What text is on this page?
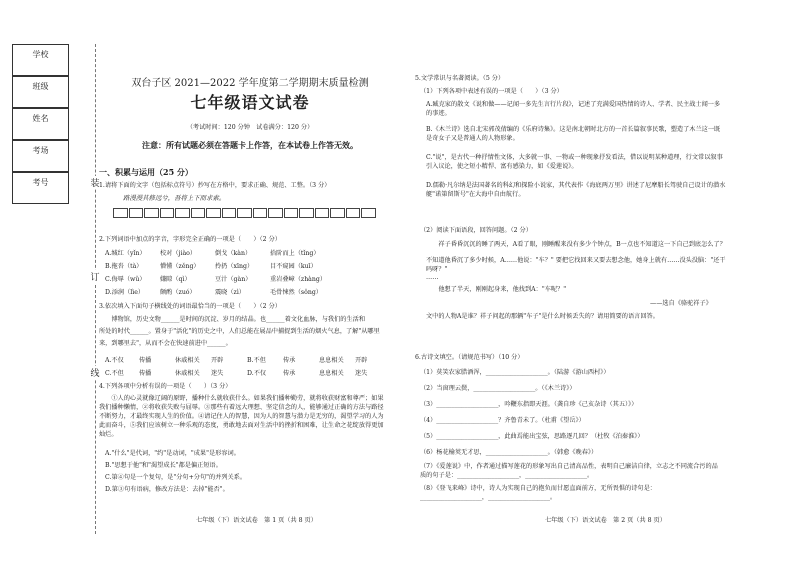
学校
班级
姓名
考场
考号	装
订
线
双台子区 2021—2022 学年度第二学期期末质量检测
七年级语文试卷
（考试时间：120 分钟　试卷满分：120 分）
注意：所有试题必须在答题卡上作答，在本试卷上作答无效。
一、积累与运用（25 分）
1.请将下面的文字（包括标点符号）抄写在方格中，要求正确、规范、工整。（3 分）
路漫漫其修远兮，吾将上下而求索。
2.下列词语中加点的字音，字形完全正确的一项是（　　）（2 分）
A.缄红（yǐn）	校对（jiào）	倒戈（kàn）	拾阶而上（tǐng）
B.拖沓（tà）	懵懂（zěng）	拎扔（xīng）	目不窥园（kuī）
C.侮辱（wǔ）	嫌隙（qì）	豆汁（gàn）	重岩叠嶂（zhàng）
D.添润（lìe）	颇酌（zuó）	震晓（zì）	毛骨悚然（sǒng）
3.依次填入下面句子横线处的词语最恰当的一项是（　　）（2 分）
　　博物馆，历史文物______是时间的沉淀、岁月的结晶。也______着文化血脉，与我们的生活和
所处的时代______。置身于"活化"的历史之中，人们总能在展品中捕捉到生活的烟火气息，了解"从哪里
来，到哪里去"，从而不会在快速前进中______。
A.不仅	传播	休戚相关	开辟	B.不但	传承	息息相关	开辟
C.不但	传播	休戚相关	迷失	D.不仅	传承	息息相关	迷失
4.下列各项中分析有误的一项是（　　）（3 分）
　　①人的心灵就像辽阔的原野，播种什么就收获什么。如果我们播种勤劳，就将收获财富和尊严；如果我们播种懒惰，②将收获失败与屈辱。③那些有着远大理想、坚定信念的人，能够通过正确的方法与路径不断努力，才最终实现人生的价值。④请记住人的智慧，因为人的智慧与潜力是无穷的，渴望学习的人为此而奋斗，⑤我们应该树立一种乐观的态度，勇敢地去面对生活中的挫折和困难，让生命之花绽放得更加灿烂。
A."什么"是代词，"约"是动词，"成果"是形容词。
B."思想于他"和"渴望成长"都是偏正短语。
C.第④句是一个复句，是"分句+分句"的并列关系。
D.第③句有语病，修改方法是：去掉"能否"。
5.文学常识与名著阅读。（5 分）
（1）下列各项中表述有误的一项是（　　）（3 分）
A.臧克家的散文《说和做——记闻一多先生言行片段》，记述了充满爱国热情的诗人、学者、民主战士闻一多的事迹。
B.《木兰诗》选自北宋郭茂倩编的《乐府诗集》。这是南北朝时北方的一首长篇叙事民歌，塑造了木兰这一既是奇女子又是普通人的人物形象。
C."说"，是古代一种抒情性文体，大多就一事、一物或一种现象抒发看法，借以说明某种道理，行文常以叙事引入议论，使之短小精悍、富有感染力，如《爱莲说》。
D.儒勒·凡尔纳是法国著名的科幻和探险小说家，其代表作《海底两万里》讲述了尼摩船长驾驶自己设计的潜水艇"诺第留斯号"在大海中自由航行。
（2）阅读下面语段，回答问题。（2 分）
　　祥子昏昏沉沉的睡了两天，A看了眼，刚睡醒来没有多少个钟点，B一点也不知道这一下自己到底怎么了？
不知道他昏沉了多少时候，A……他说："车？" 要把它找回来又要去想念他，她身上就有……没头没脑："还干吗呀？"
……
　　他想了半天，刚刚起身来，他找到A："车呢？"
——选自《骆驼祥子》
文中的人物A是谁？祥子问起的那辆"车子"是什么时候丢失的？请用简要的语言回答。
6.古诗文填空。（请规范书写）（10 分）
（1）莫笑农家腊酒浑，____________________。（陆游《游山西村》）
（2）当窗理云鬓，____________________。（《木兰诗》）
（3）____________________，吟鞭东指即天涯。（龚自珍《己亥杂诗（其五）》）
（4）____________________？齐鲁青未了。（杜甫《望岳》）
（5）____________________，此曲焉能出宝弦，思路逐几回？（杜牧《泊秦淮》）
（6）杨花榆荚无才思，____________________。（韩愈《晚春》）
（7）《爱莲说》中，作者通过描写莲花的形象写出自己清高品性，表明自己廉洁自律，立志之不同流合污的品质的句子是：____________________，____________________。
（8）《登飞来峰》诗中，诗人为实现自己的抱负而甘愿直面前方，无所畏惧的诗句是：____________________，____________________。
七年级（下）语文试卷　第 1 页（共 8 页）	七年级（下）语文试卷　第 2 页（共 8 页）
